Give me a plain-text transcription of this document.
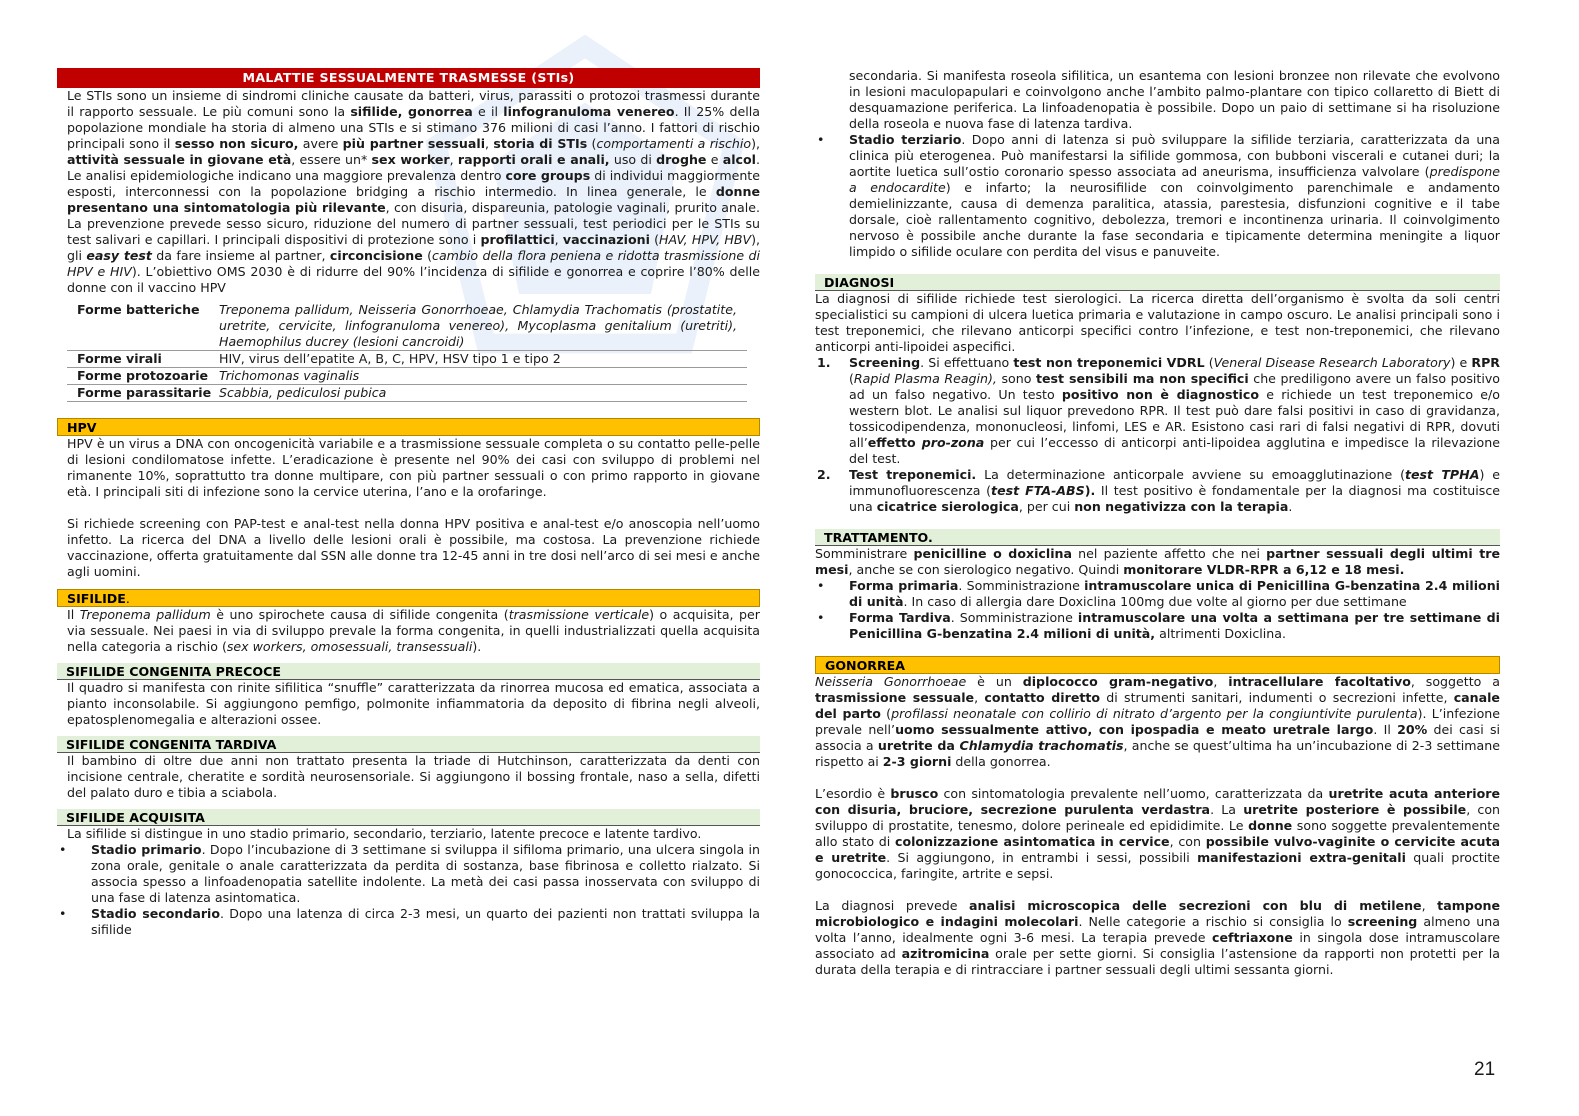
MALATTIE SESSUALMENTE TRASMESSE (STIs)

Le STIs sono un insieme di sindromi cliniche causate da batteri, virus, parassiti o protozoi trasmessi durante il rapporto sessuale. Le più comuni sono la sifilide, gonorrea e il linfogranuloma venereo. Il 25% della popolazione mondiale ha storia di almeno una STIs e si stimano 376 milioni di casi l’anno. I fattori di rischio principali sono il sesso non sicuro, avere più partner sessuali, storia di STIs (comportamenti a rischio), attività sessuale in giovane età, essere un* sex worker, rapporti orali e anali, uso di droghe e alcol. Le analisi epidemiologiche indicano una maggiore prevalenza dentro core groups di individui maggiormente esposti, interconnessi con la popolazione bridging a rischio intermedio. In linea generale, le donne presentano una sintomatologia più rilevante, con disuria, dispareunia, patologie vaginali, prurito anale. La prevenzione prevede sesso sicuro, riduzione del numero di partner sessuali, test periodici per le STIs su test salivari e capillari. I principali dispositivi di protezione sono i profilattici, vaccinazioni (HAV, HPV, HBV), gli easy test da fare insieme al partner, circoncisione (cambio della flora peniena e ridotta trasmissione di HPV e HIV). L’obiettivo OMS 2030 è di ridurre del 90% l’incidenza di sifilide e gonorrea e coprire l’80% delle donne con il vaccino HPV

Forme batteriche	Treponema pallidum, Neisseria Gonorrhoeae, Chlamydia Trachomatis (prostatite, uretrite, cervicite, linfogranuloma venereo), Mycoplasma genitalium (uretriti), Haemophilus ducrey (lesioni cancroidi)
Forme virali	HIV, virus dell’epatite A, B, C, HPV, HSV tipo 1 e tipo 2
Forme protozoarie	Trichomonas vaginalis
Forme parassitarie	Scabbia, pediculosi pubica
HPV

HPV è un virus a DNA con oncogenicità variabile e a trasmissione sessuale completa o su contatto pelle-pelle di lesioni condilomatose infette. L’eradicazione è presente nel 90% dei casi con sviluppo di problemi nel rimanente 10%, soprattutto tra donne multipare, con più partner sessuali o con primo rapporto in giovane età. I principali siti di infezione sono la cervice uterina, l’ano e la orofaringe.

Si richiede screening con PAP-test e anal-test nella donna HPV positiva e anal-test e/o anoscopia nell’uomo infetto. La ricerca del DNA a livello delle lesioni orali è possibile, ma costosa. La prevenzione richiede vaccinazione, offerta gratuitamente dal SSN alle donne tra 12-45 anni in tre dosi nell’arco di sei mesi e anche agli uomini.

SIFILIDE.

Il Treponema pallidum è uno spirochete causa di sifilide congenita (trasmissione verticale) o acquisita, per via sessuale. Nei paesi in via di sviluppo prevale la forma congenita, in quelli industrializzati quella acquisita nella categoria a rischio (sex workers, omosessuali, transessuali).

SIFILIDE CONGENITA PRECOCE

Il quadro si manifesta con rinite sifilitica “snuffle” caratterizzata da rinorrea mucosa ed ematica, associata a pianto inconsolabile. Si aggiungono pemfigo, polmonite infiammatoria da deposito di fibrina negli alveoli, epatosplenomegalia e alterazioni ossee.

SIFILIDE CONGENITA TARDIVA

Il bambino di oltre due anni non trattato presenta la triade di Hutchinson, caratterizzata da denti con incisione centrale, cheratite e sordità neurosensoriale. Si aggiungono il bossing frontale, naso a sella, difetti del palato duro e tibia a sciabola.

SIFILIDE ACQUISITA

La sifilide si distingue in uno stadio primario, secondario, terziario, latente precoce e latente tardivo.

• Stadio primario. Dopo l’incubazione di 3 settimane si sviluppa il sifiloma primario, una ulcera singola in zona orale, genitale o anale caratterizzata da perdita di sostanza, base fibrinosa e colletto rialzato. Si associa spesso a linfoadenopatia satellite indolente. La metà dei casi passa inosservata con sviluppo di una fase di latenza asintomatica.
• Stadio secondario. Dopo una latenza di circa 2-3 mesi, un quarto dei pazienti non trattati sviluppa la sifilide

secondaria. Si manifesta roseola sifilitica, un esantema con lesioni bronzee non rilevate che evolvono in lesioni maculopapulari e coinvolgono anche l’ambito palmo-plantare con tipico collaretto di Biett di desquamazione periferica. La linfoadenopatia è possibile. Dopo un paio di settimane si ha risoluzione della roseola e nuova fase di latenza tardiva.

• Stadio terziario. Dopo anni di latenza si può sviluppare la sifilide terziaria, caratterizzata da una clinica più eterogenea. Può manifestarsi la sifilide gommosa, con bubboni viscerali e cutanei duri; la aortite luetica sull’ostio coronario spesso associata ad aneurisma, insufficienza valvolare (predispone a endocardite) e infarto; la neurosifilide con coinvolgimento parenchimale e andamento demielinizzante, causa di demenza paralitica, atassia, parestesia, disfunzioni cognitive e il tabe dorsale, cioè rallentamento cognitivo, debolezza, tremori e incontinenza urinaria. Il coinvolgimento nervoso è possibile anche durante la fase secondaria e tipicamente determina meningite a liquor limpido o sifilide oculare con perdita del visus e panuveite.
DIAGNOSI

La diagnosi di sifilide richiede test sierologici. La ricerca diretta dell’organismo è svolta da soli centri specialistici su campioni di ulcera luetica primaria e valutazione in campo oscuro. Le analisi principali sono i test treponemici, che rilevano anticorpi specifici contro l’infezione, e test non-treponemici, che rilevano anticorpi anti-lipoidei aspecifici.

1. Screening. Si effettuano test non treponemici VDRL (Veneral Disease Research Laboratory) e RPR (Rapid Plasma Reagin), sono test sensibili ma non specifici che prediligono avere un falso positivo ad un falso negativo. Un testo positivo non è diagnostico e richiede un test treponemico e/o western blot. Le analisi sul liquor prevedono RPR. Il test può dare falsi positivi in caso di gravidanza, tossicodipendenza, mononucleosi, linfomi, LES e AR. Esistono casi rari di falsi negativi di RPR, dovuti all’effetto pro-zona per cui l’eccesso di anticorpi anti-lipoidea agglutina e impedisce la rilevazione del test.
2. Test treponemici. La determinazione anticorpale avviene su emoagglutinazione (test TPHA) e immunofluorescenza (test FTA-ABS). Il test positivo è fondamentale per la diagnosi ma costituisce una cicatrice sierologica, per cui non negativizza con la terapia.
TRATTAMENTO.

Somministrare penicilline o doxiclina nel paziente affetto che nei partner sessuali degli ultimi tre mesi, anche se con sierologico negativo. Quindi monitorare VLDR-RPR a 6,12 e 18 mesi.

• Forma primaria. Somministrazione intramuscolare unica di Penicillina G-benzatina 2.4 milioni di unità. In caso di allergia dare Doxiclina 100mg due volte al giorno per due settimane
• Forma Tardiva. Somministrazione intramuscolare una volta a settimana per tre settimane di Penicillina G-benzatina 2.4 milioni di unità, altrimenti Doxiclina.
GONORREA

Neisseria Gonorrhoeae è un diplococco gram-negativo, intracellulare facoltativo, soggetto a trasmissione sessuale, contatto diretto di strumenti sanitari, indumenti o secrezioni infette, canale del parto (profilassi neonatale con collirio di nitrato d’argento per la congiuntivite purulenta). L’infezione prevale nell’uomo sessualmente attivo, con ipospadia e meato uretrale largo. Il 20% dei casi si associa a uretrite da Chlamydia trachomatis, anche se quest’ultima ha un’incubazione di 2-3 settimane rispetto ai 2-3 giorni della gonorrea.

L’esordio è brusco con sintomatologia prevalente nell’uomo, caratterizzata da uretrite acuta anteriore con disuria, bruciore, secrezione purulenta verdastra. La uretrite posteriore è possibile, con sviluppo di prostatite, tenesmo, dolore perineale ed epididimite. Le donne sono soggette prevalentemente allo stato di colonizzazione asintomatica in cervice, con possibile vulvo-vaginite o cervicite acuta e uretrite. Si aggiungono, in entrambi i sessi, possibili manifestazioni extra-genitali quali proctite gonococcica, faringite, artrite e sepsi.

La diagnosi prevede analisi microscopica delle secrezioni con blu di metilene, tampone microbiologico e indagini molecolari. Nelle categorie a rischio si consiglia lo screening almeno una volta l’anno, idealmente ogni 3-6 mesi. La terapia prevede ceftriaxone in singola dose intramuscolare associato ad azitromicina orale per sette giorni. Si consiglia l’astensione da rapporti non protetti per la durata della terapia e di rintracciare i partner sessuali degli ultimi sessanta giorni.

21
